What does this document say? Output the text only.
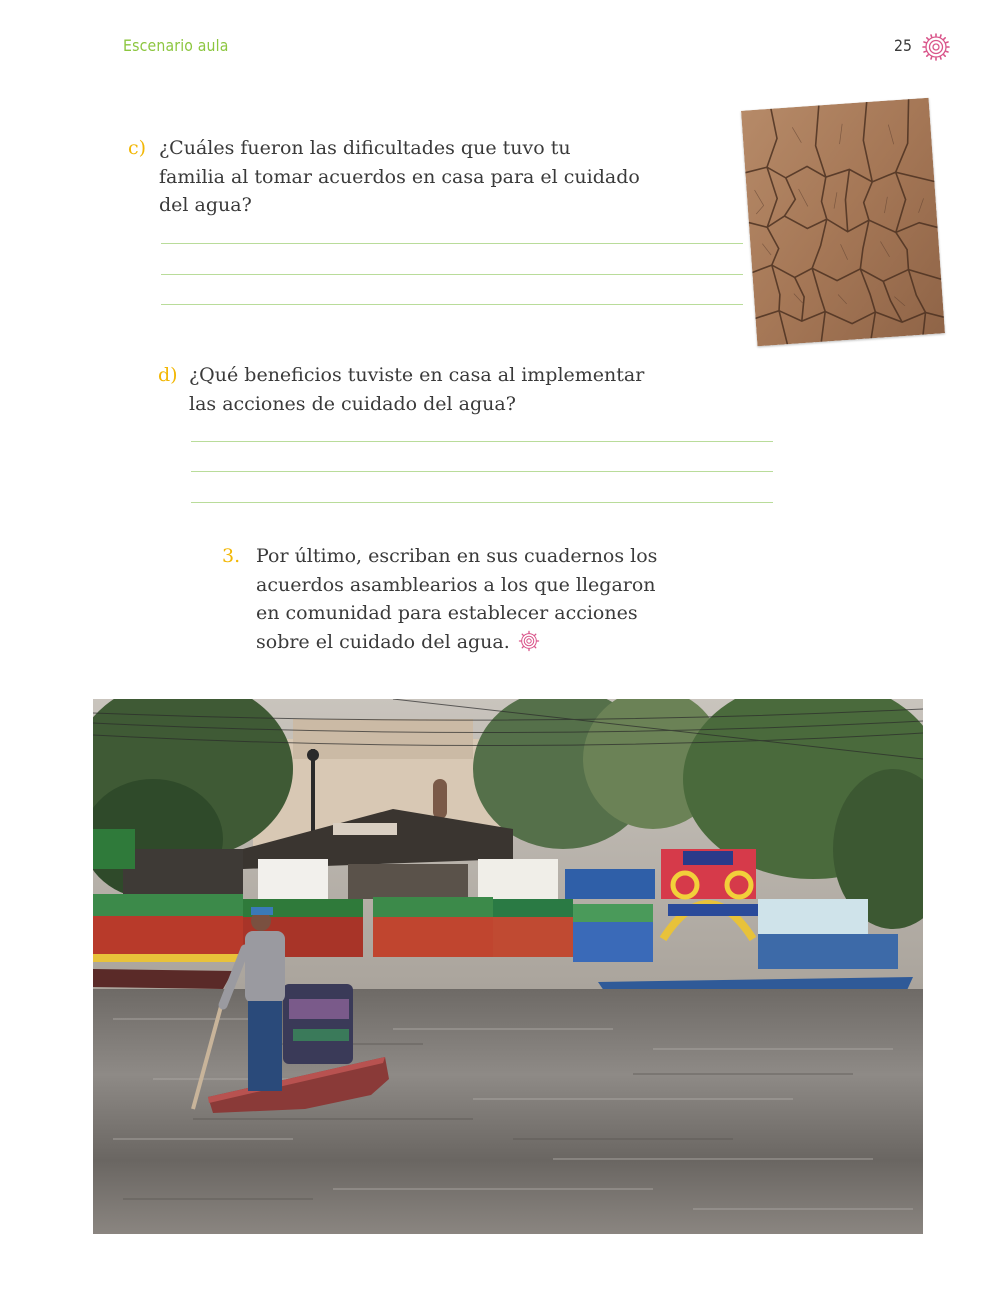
Escenario aula	25
c) ¿Cuáles fueron las dificultades que tuvo tu
familia al tomar acuerdos en casa para el cuidado
del agua?
d) ¿Qué beneficios tuviste en casa al implementar
las acciones de cuidado del agua?
3. Por último, escriban en sus cuadernos los
acuerdos asamblearios a los que llegaron
en comunidad para establecer acciones
sobre el cuidado del agua.
